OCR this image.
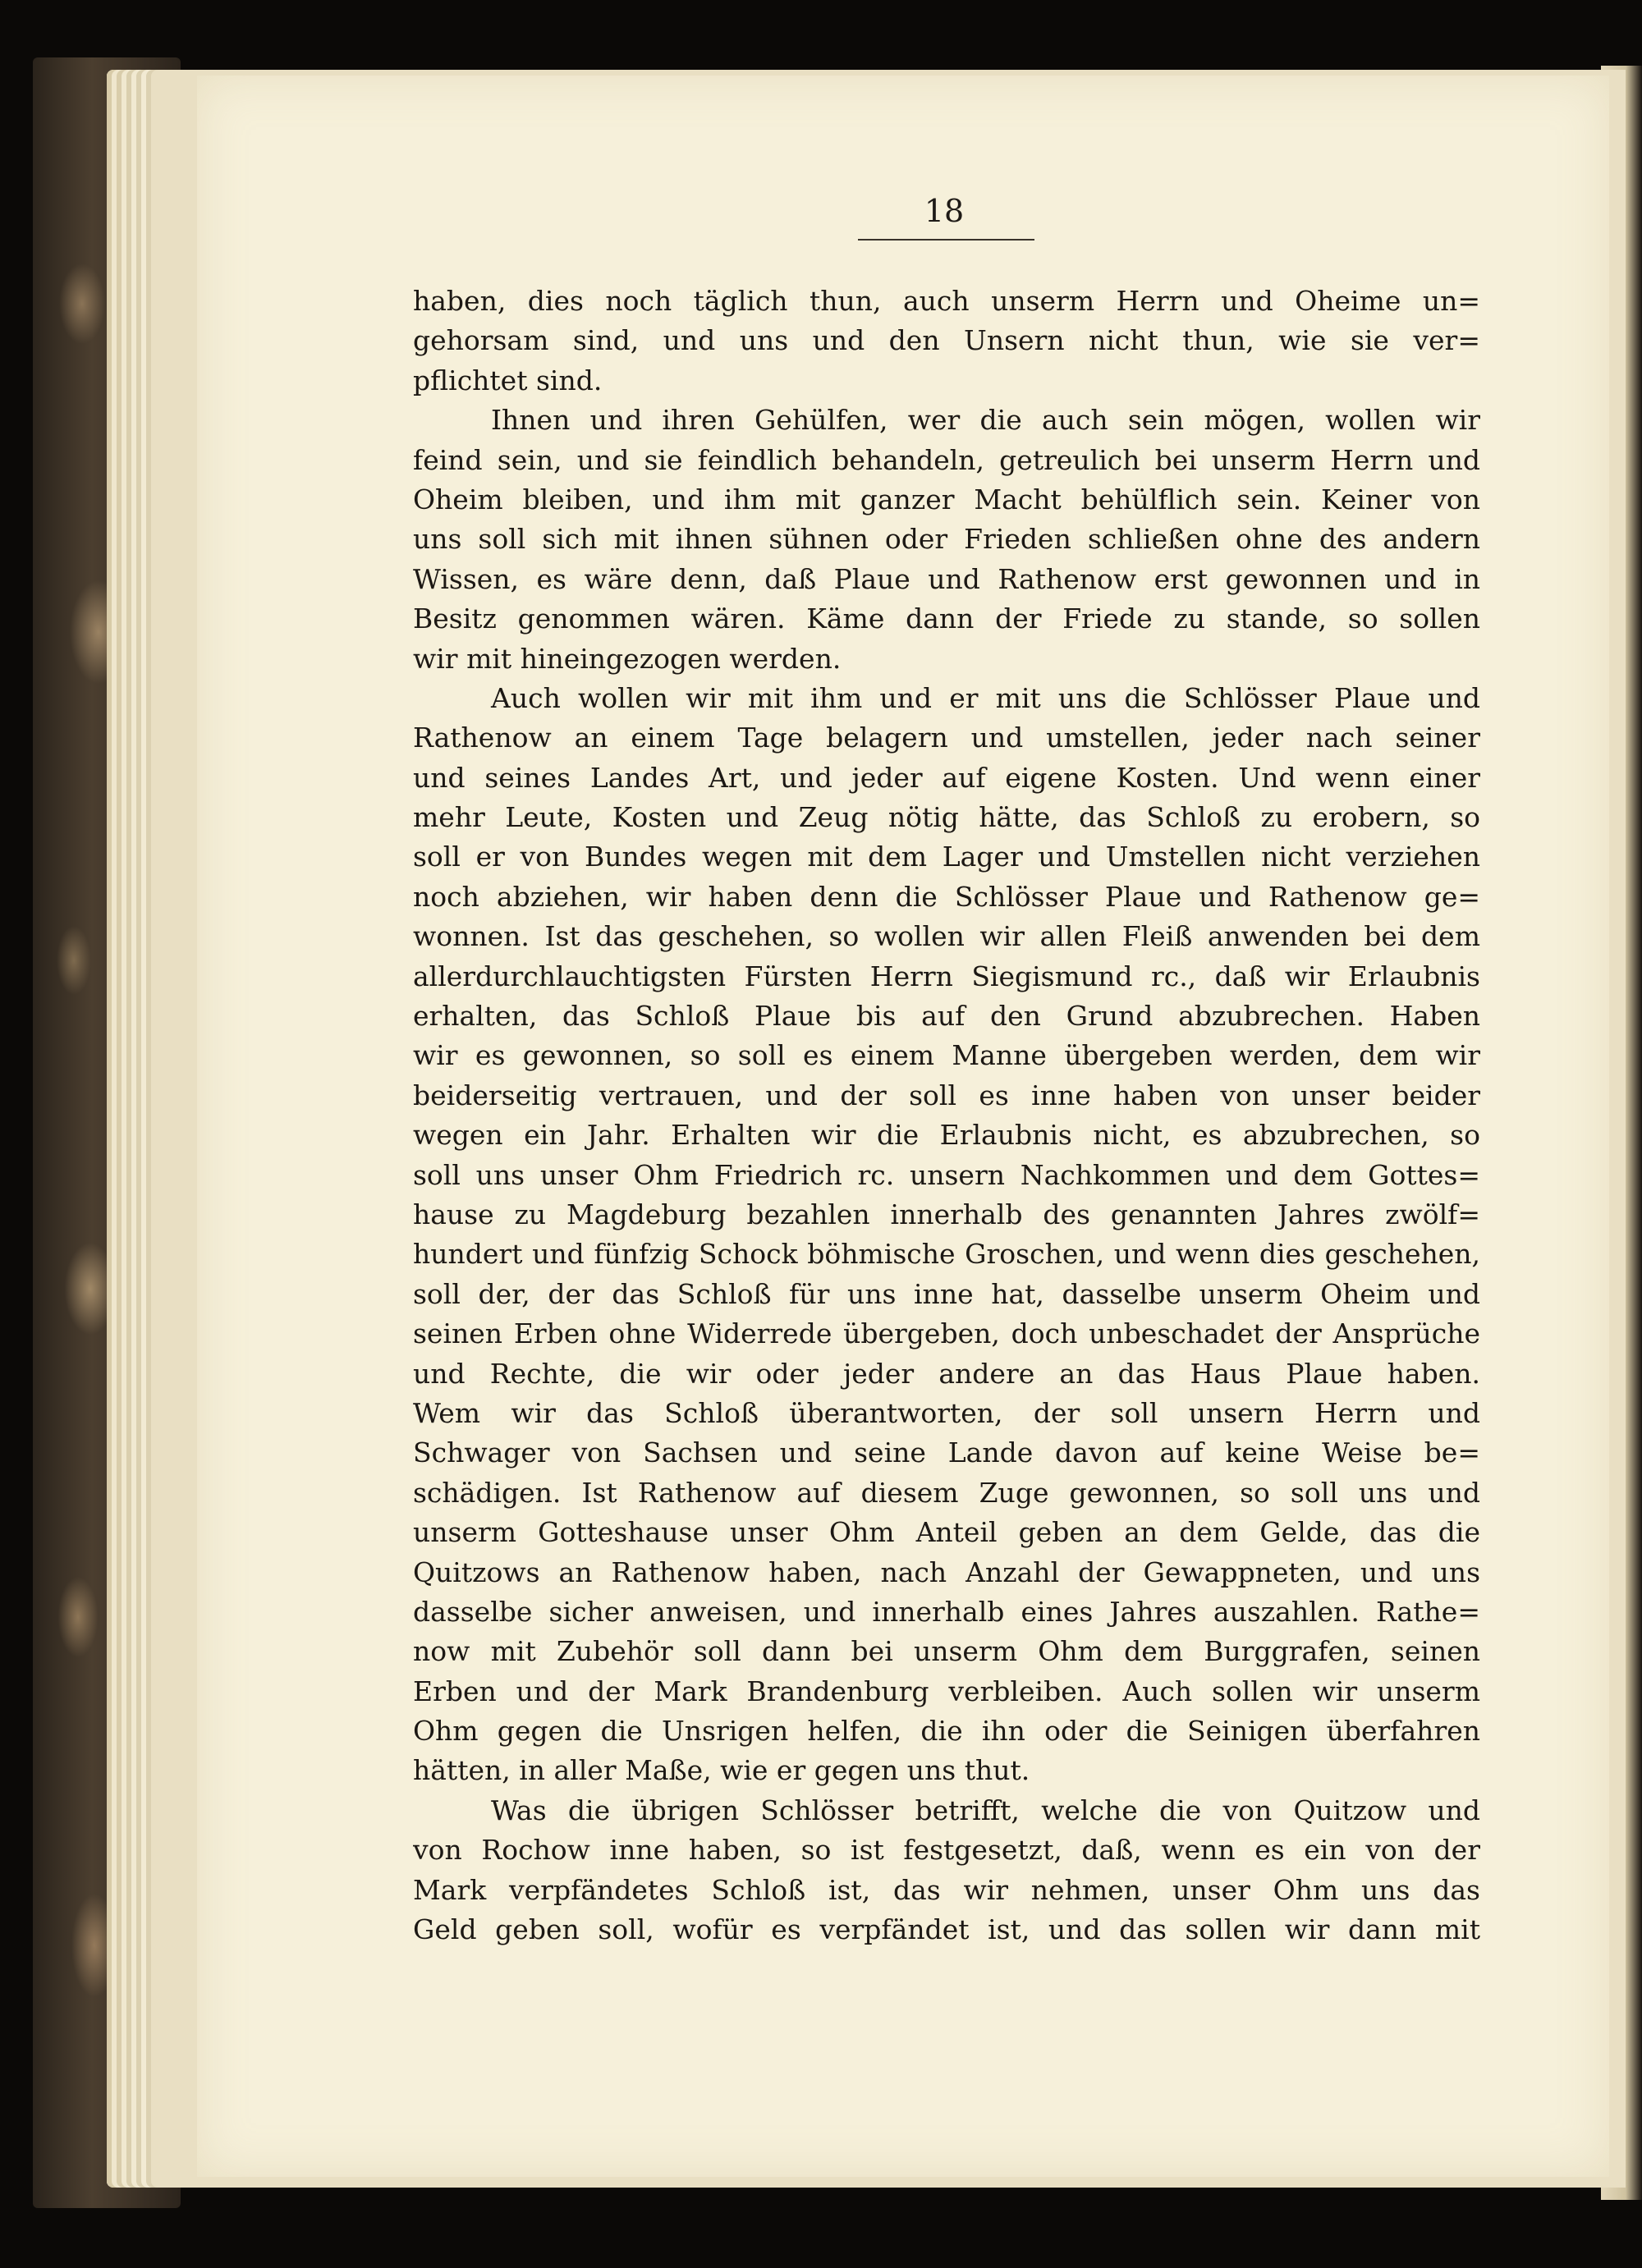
18
haben, dies noch täglich thun, auch unserm Herrn und Oheime un=
gehorsam sind, und uns und den Unsern nicht thun, wie sie ver=
pflichtet sind.
Ihnen und ihren Gehülfen, wer die auch sein mögen, wollen wir
feind sein, und sie feindlich behandeln, getreulich bei unserm Herrn und
Oheim bleiben, und ihm mit ganzer Macht behülflich sein. Keiner von
uns soll sich mit ihnen sühnen oder Frieden schließen ohne des andern
Wissen, es wäre denn, daß Plaue und Rathenow erst gewonnen und in
Besitz genommen wären. Käme dann der Friede zu stande, so sollen
wir mit hineingezogen werden.
Auch wollen wir mit ihm und er mit uns die Schlösser Plaue und
Rathenow an einem Tage belagern und umstellen, jeder nach seiner
und seines Landes Art, und jeder auf eigene Kosten. Und wenn einer
mehr Leute, Kosten und Zeug nötig hätte, das Schloß zu erobern, so
soll er von Bundes wegen mit dem Lager und Umstellen nicht verziehen
noch abziehen, wir haben denn die Schlösser Plaue und Rathenow ge=
wonnen. Ist das geschehen, so wollen wir allen Fleiß anwenden bei dem
allerdurchlauchtigsten Fürsten Herrn Siegismund rc., daß wir Erlaubnis
erhalten, das Schloß Plaue bis auf den Grund abzubrechen. Haben
wir es gewonnen, so soll es einem Manne übergeben werden, dem wir
beiderseitig vertrauen, und der soll es inne haben von unser beider
wegen ein Jahr. Erhalten wir die Erlaubnis nicht, es abzubrechen, so
soll uns unser Ohm Friedrich rc. unsern Nachkommen und dem Gottes=
hause zu Magdeburg bezahlen innerhalb des genannten Jahres zwölf=
hundert und fünfzig Schock böhmische Groschen, und wenn dies geschehen,
soll der, der das Schloß für uns inne hat, dasselbe unserm Oheim und
seinen Erben ohne Widerrede übergeben, doch unbeschadet der Ansprüche
und Rechte, die wir oder jeder andere an das Haus Plaue haben.
Wem wir das Schloß überantworten, der soll unsern Herrn und
Schwager von Sachsen und seine Lande davon auf keine Weise be=
schädigen. Ist Rathenow auf diesem Zuge gewonnen, so soll uns und
unserm Gotteshause unser Ohm Anteil geben an dem Gelde, das die
Quitzows an Rathenow haben, nach Anzahl der Gewappneten, und uns
dasselbe sicher anweisen, und innerhalb eines Jahres auszahlen. Rathe=
now mit Zubehör soll dann bei unserm Ohm dem Burggrafen, seinen
Erben und der Mark Brandenburg verbleiben. Auch sollen wir unserm
Ohm gegen die Unsrigen helfen, die ihn oder die Seinigen überfahren
hätten, in aller Maße, wie er gegen uns thut.
Was die übrigen Schlösser betrifft, welche die von Quitzow und
von Rochow inne haben, so ist festgesetzt, daß, wenn es ein von der
Mark verpfändetes Schloß ist, das wir nehmen, unser Ohm uns das
Geld geben soll, wofür es verpfändet ist, und das sollen wir dann mit
